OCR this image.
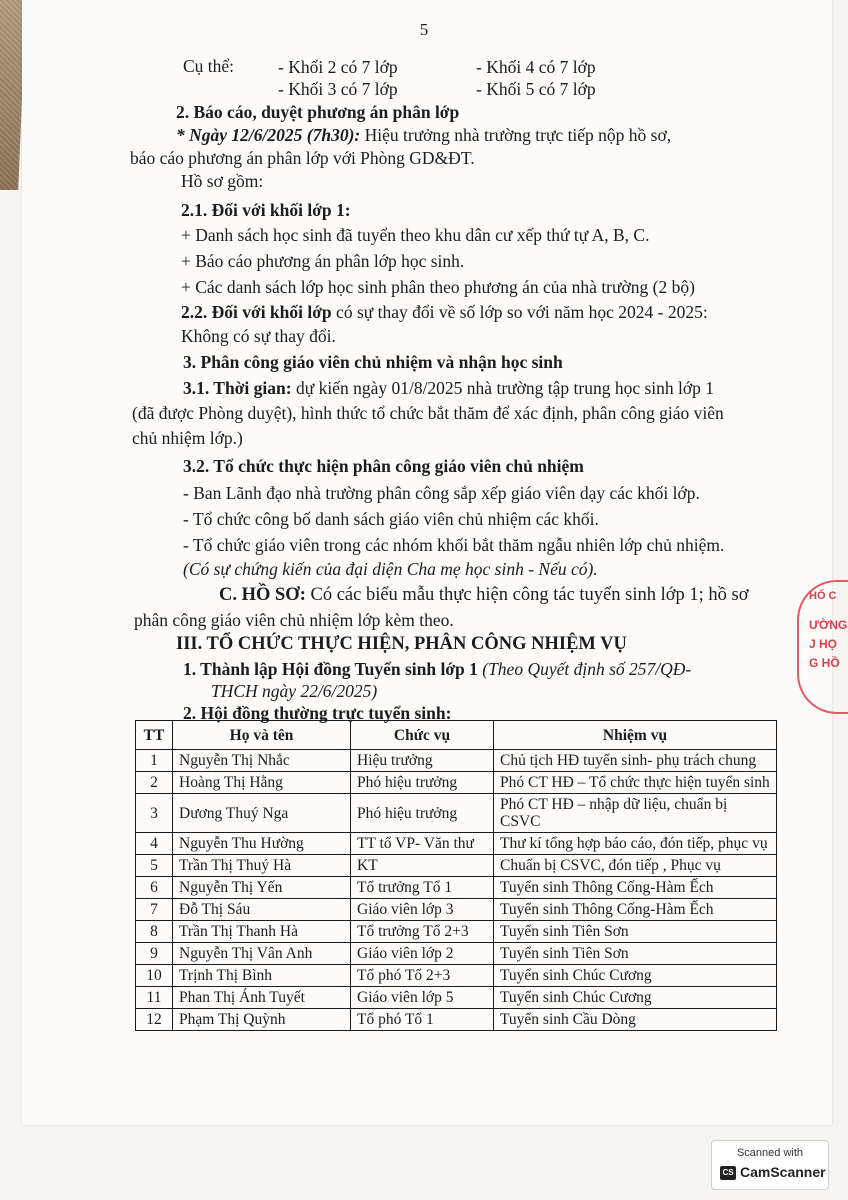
5
Cụ thể:	- Khối 2 có 7 lớp	- Khối 4 có 7 lớp
- Khối 3 có 7 lớp	- Khối 5 có 7 lớp
2. Báo cáo, duyệt phương án phân lớp
* Ngày 12/6/2025 (7h30): Hiệu trưởng nhà trường trực tiếp nộp hồ sơ,
báo cáo phương án phân lớp với Phòng GD&ĐT.
Hồ sơ gồm:
2.1. Đối với khối lớp 1:
+ Danh sách học sinh đã tuyển theo khu dân cư xếp thứ tự A, B, C.
+ Báo cáo phương án phân lớp học sinh.
+ Các danh sách lớp học sinh phân theo phương án của nhà trường (2 bộ)
2.2. Đối với khối lớp có sự thay đổi về số lớp so với năm học 2024 - 2025:
Không có sự thay đổi.
3. Phân công giáo viên chủ nhiệm và nhận học sinh
3.1. Thời gian: dự kiến ngày 01/8/2025 nhà trường tập trung học sinh lớp 1
(đã được Phòng duyệt), hình thức tổ chức bắt thăm để xác định, phân công giáo viên
chủ nhiệm lớp.)
3.2. Tổ chức thực hiện phân công giáo viên chủ nhiệm
- Ban Lãnh đạo nhà trường phân công sắp xếp giáo viên dạy các khối lớp.
- Tổ chức công bố danh sách giáo viên chủ nhiệm các khối.
- Tổ chức giáo viên trong các nhóm khối bắt thăm ngẫu nhiên lớp chủ nhiệm.
(Có sự chứng kiến của đại diện Cha mẹ học sinh - Nếu có).
C. HỒ SƠ: Có các biểu mẫu thực hiện công tác tuyển sinh lớp 1; hồ sơ
phân công giáo viên chủ nhiệm lớp kèm theo.
III. TỔ CHỨC THỰC HIỆN, PHÂN CÔNG NHIỆM VỤ
1. Thành lập Hội đồng Tuyển sinh lớp 1 (Theo Quyết định số 257/QĐ-
THCH ngày 22/6/2025)
2. Hội đồng thường trực tuyển sinh:
TT	Họ và tên	Chức vụ	Nhiệm vụ
1	Nguyễn Thị Nhắc	Hiệu trưởng	Chủ tịch HĐ tuyển sinh- phụ trách chung
2	Hoàng Thị Hằng	Phó hiệu trưởng	Phó CT HĐ – Tổ chức thực hiện tuyển sinh
3	Dương Thuý Nga	Phó hiệu trưởng	Phó CT HĐ – nhập dữ liệu, chuẩn bị CSVC
4	Nguyễn Thu Hường	TT tổ VP- Văn thư	Thư kí tổng hợp báo cáo, đón tiếp, phục vụ
5	Trần Thị Thuý Hà	KT	Chuẩn bị CSVC, đón tiếp , Phục vụ
6	Nguyễn Thị Yến	Tổ trưởng Tổ 1	Tuyển sinh Thông Cống-Hàm Ếch
7	Đỗ Thị Sáu	Giáo viên lớp 3	Tuyển sinh Thông Cống-Hàm Ếch
8	Trần Thị Thanh Hà	Tổ trưởng Tổ 2+3	Tuyển sinh Tiên Sơn
9	Nguyễn Thị Vân Anh	Giáo viên lớp 2	Tuyển sinh Tiên Sơn
10	Trịnh Thị Bình	Tổ phó Tổ 2+3	Tuyển sinh Chúc Cương
11	Phan Thị Ánh Tuyết	Giáo viên lớp 5	Tuyển sinh Chúc Cương
12	Phạm Thị Quỳnh	Tổ phó Tổ 1	Tuyển sinh Cầu Dòng
HỐ C
ƯỜNG
J HỌ
G HỒ
Scanned with
CS CamScanner
